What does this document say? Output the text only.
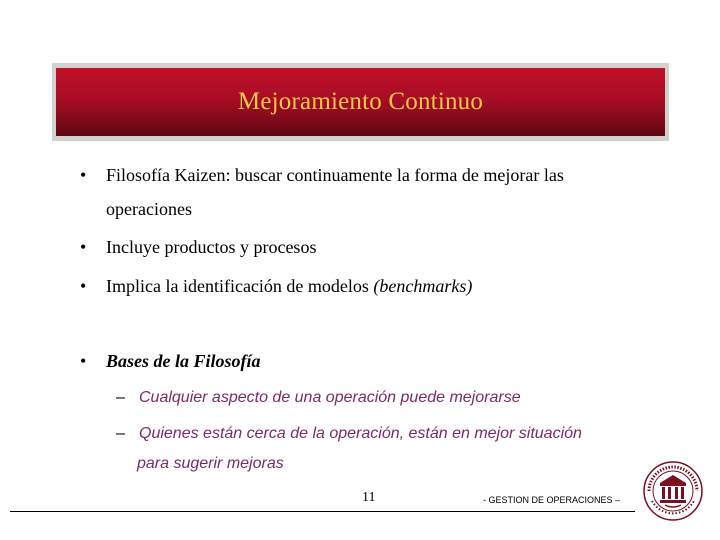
Mejoramiento Continuo
• Filosofía Kaizen: buscar continuamente la forma de mejorar las
operaciones
• Incluye productos y procesos
• Implica la identificación de modelos (benchmarks)
• Bases de la Filosofía
– Cualquier aspecto de una operación puede mejorarse
– Quienes están cerca de la operación, están en mejor situación
para sugerir mejoras
11	- GESTION DE OPERACIONES –
